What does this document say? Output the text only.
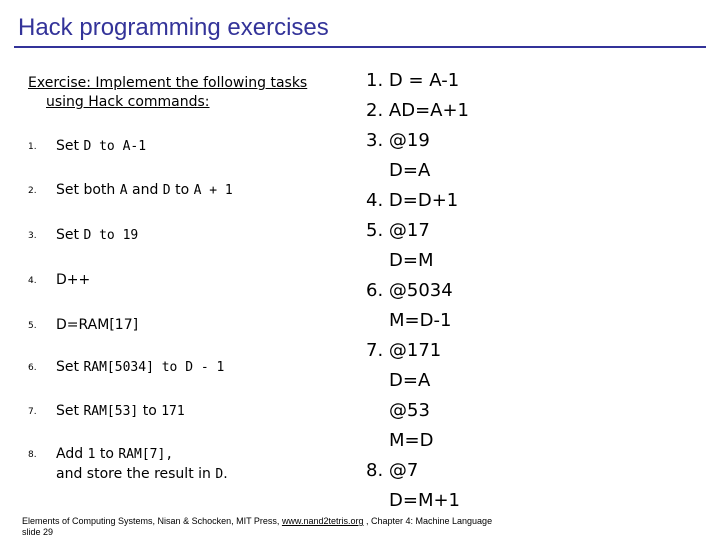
Hack programming exercises
Exercise: Implement the following tasks
using Hack commands:
1. Set D to A-1
2. Set both A and D to A + 1
3. Set D to 19
4. D++
5. D=RAM[17]
6. Set RAM[5034] to D - 1
7. Set RAM[53] to 171
8. Add 1 to RAM[7],
and store the result in D.
1. D = A-1
2. AD=A+1
3. @19
D=A
4. D=D+1
5. @17
D=M
6. @5034
M=D-1
7. @171
D=A
@53
M=D
8. @7
D=M+1
Elements of Computing Systems, Nisan & Schocken, MIT Press, www.nand2tetris.org , Chapter 4: Machine Language
slide 29
